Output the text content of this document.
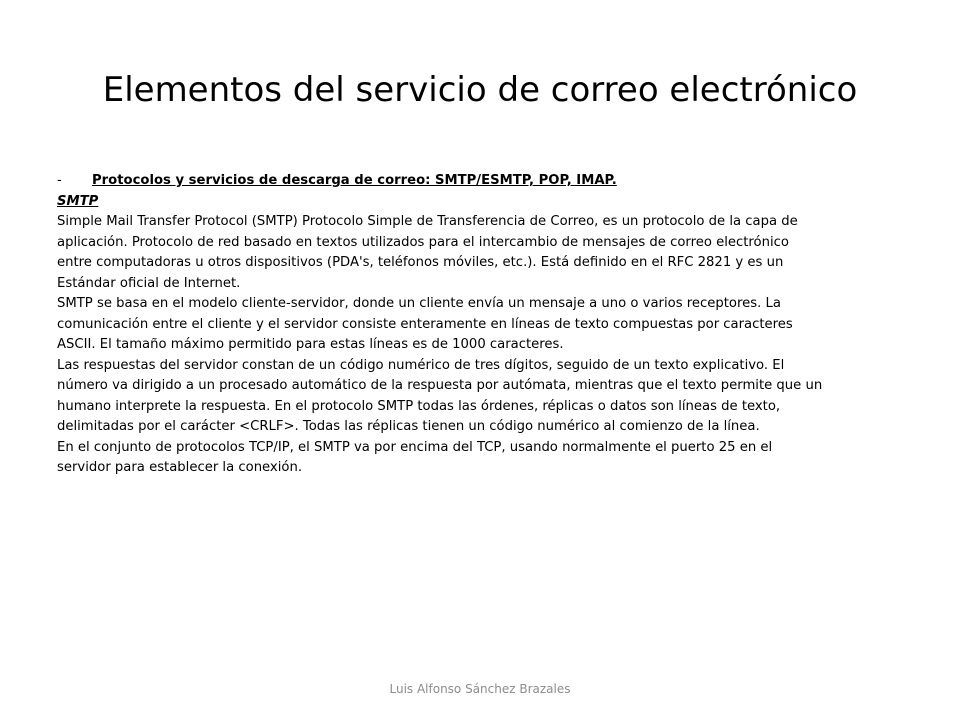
Elementos del servicio de correo electrónico
-	Protocolos y servicios de descarga de correo: SMTP/ESMTP, POP, IMAP.
SMTP
Simple Mail Transfer Protocol (SMTP) Protocolo Simple de Transferencia de Correo, es un protocolo de la capa de
aplicación. Protocolo de red basado en textos utilizados para el intercambio de mensajes de correo electrónico
entre computadoras u otros dispositivos (PDA's, teléfonos móviles, etc.). Está definido en el RFC 2821 y es un
Estándar oficial de Internet.
SMTP se basa en el modelo cliente-servidor, donde un cliente envía un mensaje a uno o varios receptores. La
comunicación entre el cliente y el servidor consiste enteramente en líneas de texto compuestas por caracteres
ASCII. El tamaño máximo permitido para estas líneas es de 1000 caracteres.
Las respuestas del servidor constan de un código numérico de tres dígitos, seguido de un texto explicativo. El
número va dirigido a un procesado automático de la respuesta por autómata, mientras que el texto permite que un
humano interprete la respuesta. En el protocolo SMTP todas las órdenes, réplicas o datos son líneas de texto,
delimitadas por el carácter <CRLF>. Todas las réplicas tienen un código numérico al comienzo de la línea.
En el conjunto de protocolos TCP/IP, el SMTP va por encima del TCP, usando normalmente el puerto 25 en el
servidor para establecer la conexión.
Luis Alfonso Sánchez Brazales
